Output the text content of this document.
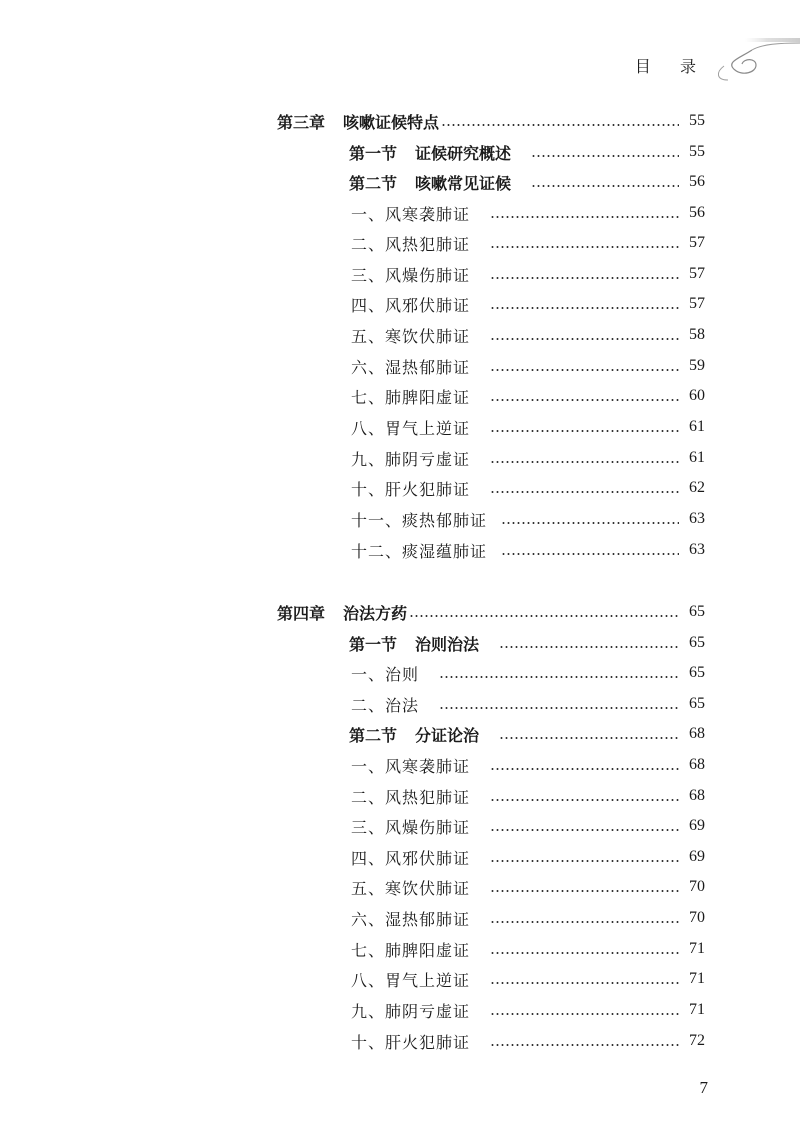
目 录
第三章 咳嗽证候特点	55
第一节 证候研究概述	55
第二节 咳嗽常见证候	56
一、风寒袭肺证	56
二、风热犯肺证	57
三、风燥伤肺证	57
四、风邪伏肺证	57
五、寒饮伏肺证	58
六、湿热郁肺证	59
七、肺脾阳虚证	60
八、胃气上逆证	61
九、肺阴亏虚证	61
十、肝火犯肺证	62
十一、痰热郁肺证	63
十二、痰湿蕴肺证	63
第四章 治法方药	65
第一节 治则治法	65
一、治则	65
二、治法	65
第二节 分证论治	68
一、风寒袭肺证	68
二、风热犯肺证	68
三、风燥伤肺证	69
四、风邪伏肺证	69
五、寒饮伏肺证	70
六、湿热郁肺证	70
七、肺脾阳虚证	71
八、胃气上逆证	71
九、肺阴亏虚证	71
十、肝火犯肺证	72
7
